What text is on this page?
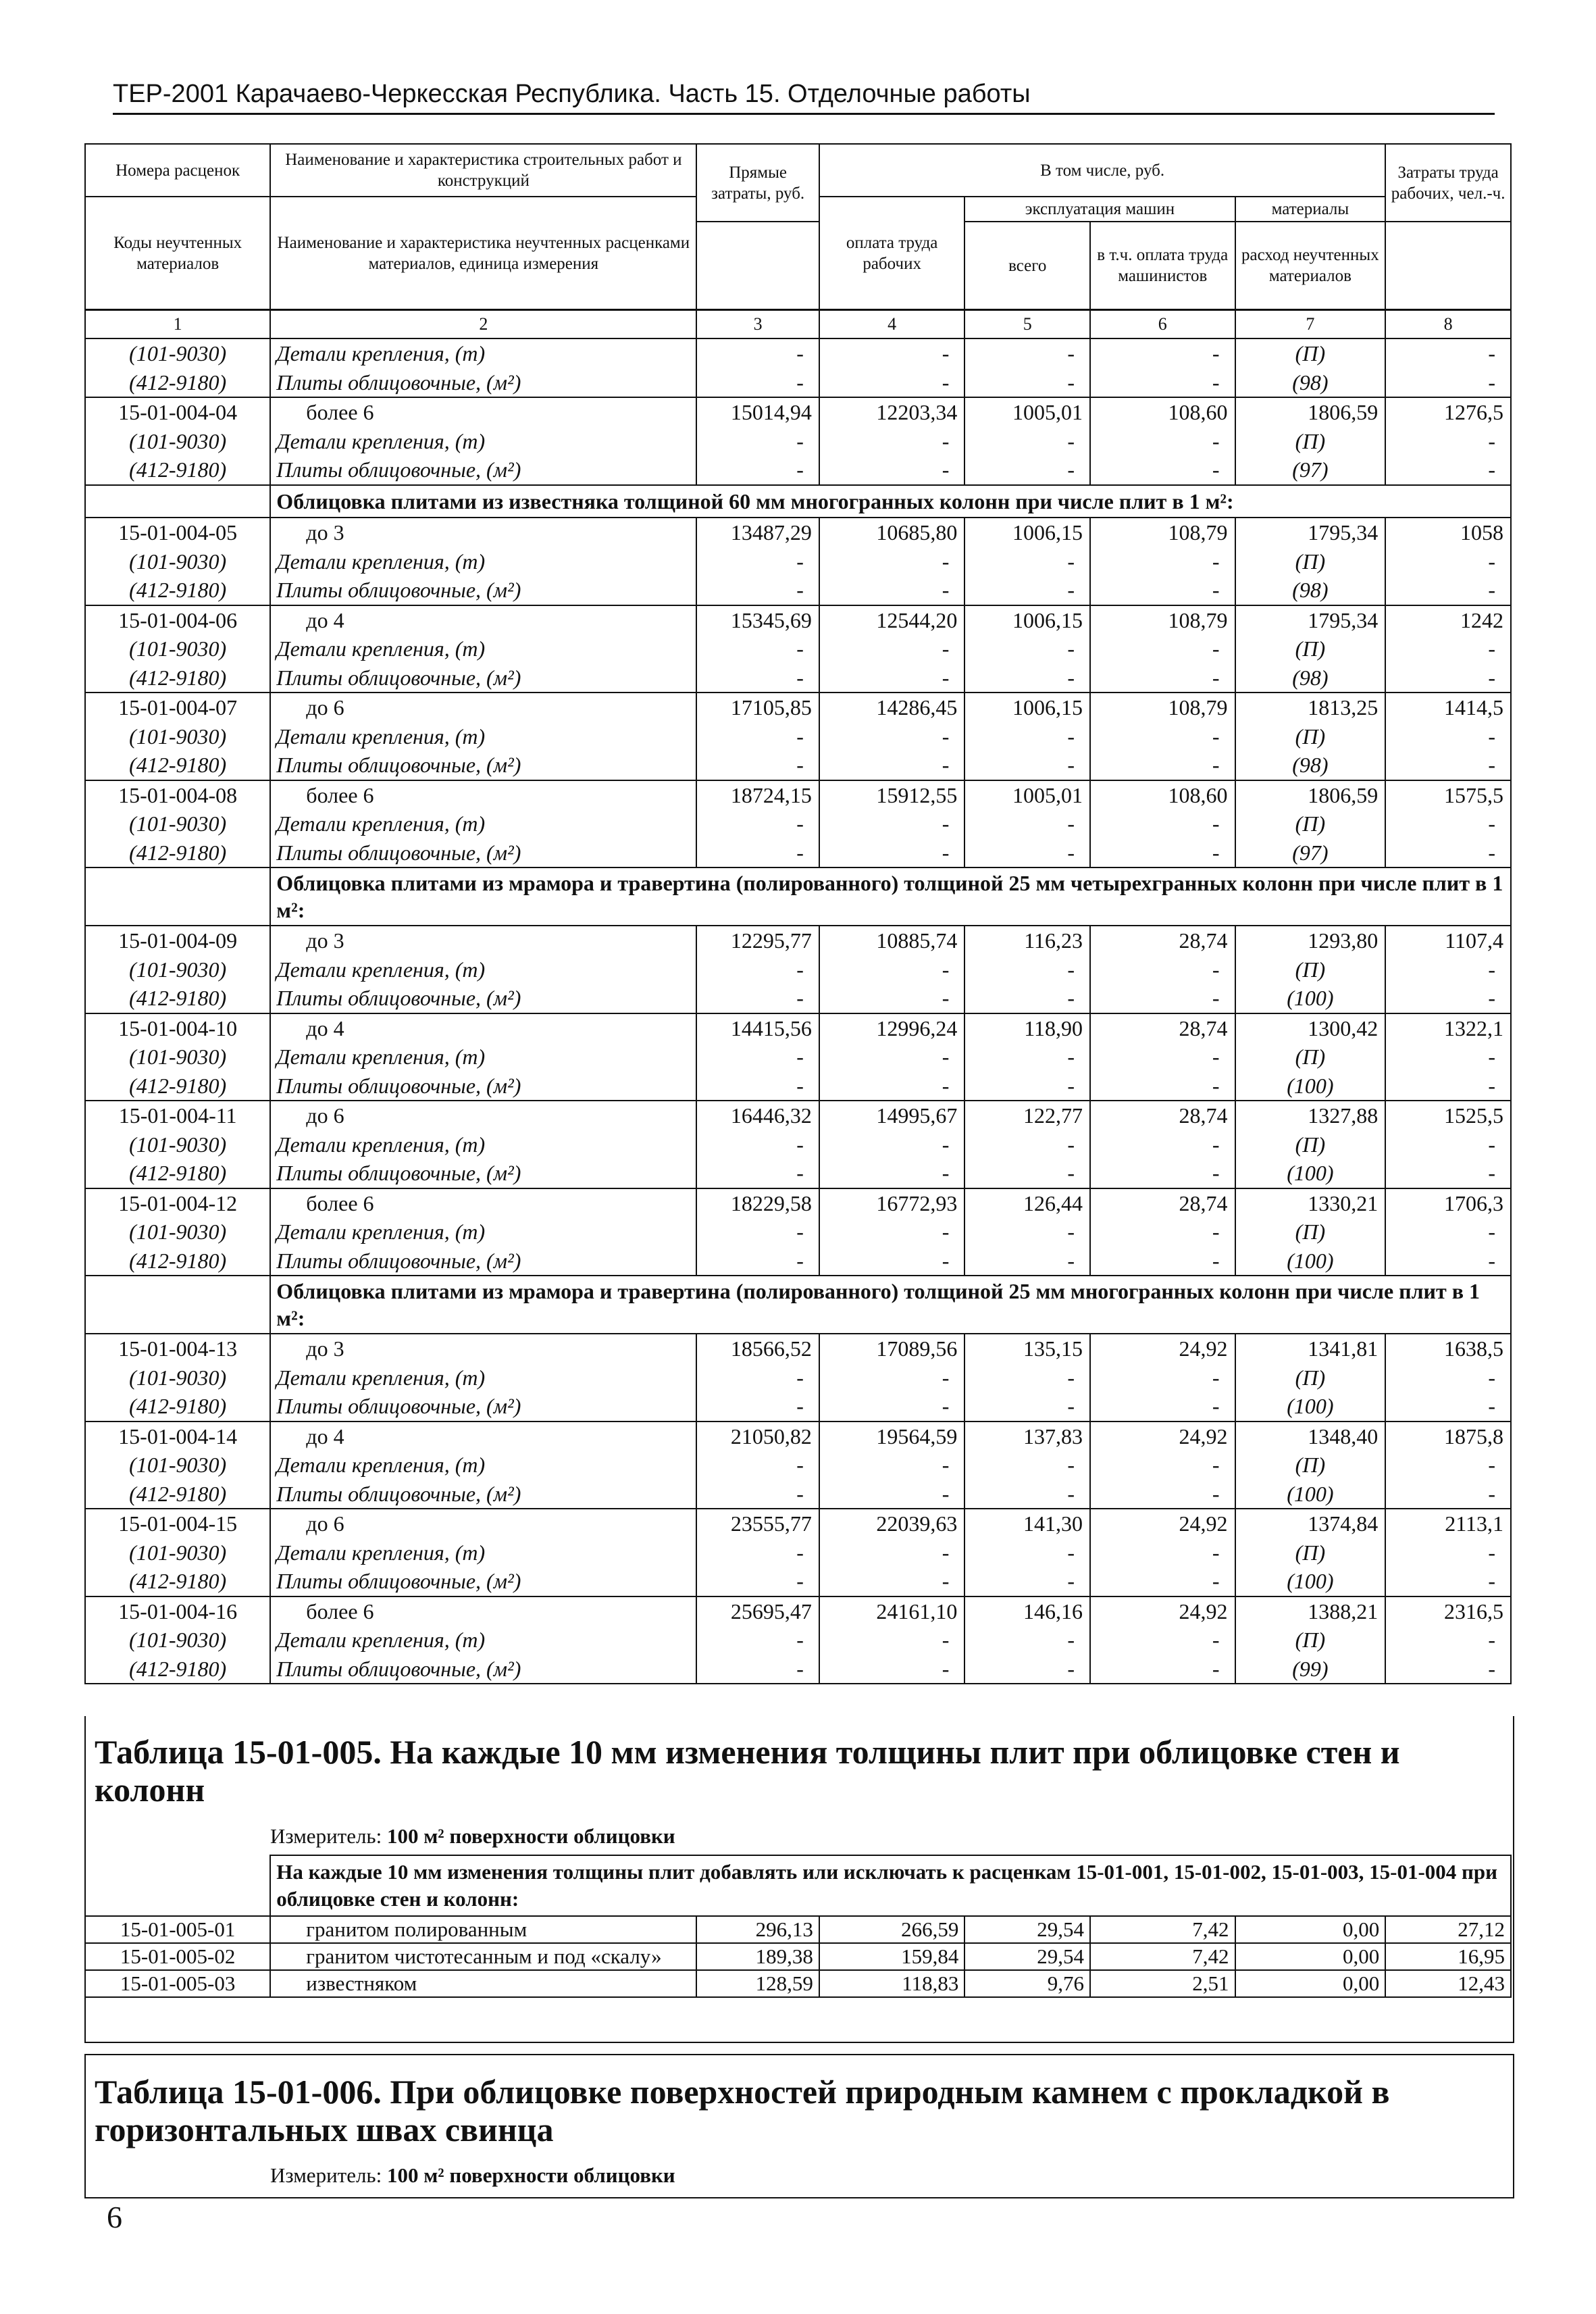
ТЕР-2001 Карачаево-Черкесская Республика. Часть 15. Отделочные работы
Номера расценок	Наименование и характеристика строительных работ и конструкций	Прямые затраты, руб.	В том числе, руб.				Затраты труда рабочих, чел.-ч.
Коды неучтенных материалов	Наименование и характеристика неучтенных расценками материалов, единица измерения		оплата труда рабочих	эксплуатация машин		материалы	
				всего	в т.ч. оплата труда машинистов	расход неучтенных материалов	
1	2	3	4	5	6	7	8
(101-9030)	Детали крепления, (т)	-	-	-	-	(П)	-
(412-9180)	Плиты облицовочные, (м²)	-	-	-	-	(98)	-
15-01-004-04	более 6	15014,94	12203,34	1005,01	108,60	1806,59	1276,5
(101-9030)	Детали крепления, (т)	-	-	-	-	(П)	-
(412-9180)	Плиты облицовочные, (м²)	-	-	-	-	(97)	-
	Облицовка плитами из известняка толщиной 60 мм многогранных колонн при числе плит в 1 м²:						
15-01-004-05	до 3	13487,29	10685,80	1006,15	108,79	1795,34	1058
(101-9030)	Детали крепления, (т)	-	-	-	-	(П)	-
(412-9180)	Плиты облицовочные, (м²)	-	-	-	-	(98)	-
15-01-004-06	до 4	15345,69	12544,20	1006,15	108,79	1795,34	1242
(101-9030)	Детали крепления, (т)	-	-	-	-	(П)	-
(412-9180)	Плиты облицовочные, (м²)	-	-	-	-	(98)	-
15-01-004-07	до 6	17105,85	14286,45	1006,15	108,79	1813,25	1414,5
(101-9030)	Детали крепления, (т)	-	-	-	-	(П)	-
(412-9180)	Плиты облицовочные, (м²)	-	-	-	-	(98)	-
15-01-004-08	более 6	18724,15	15912,55	1005,01	108,60	1806,59	1575,5
(101-9030)	Детали крепления, (т)	-	-	-	-	(П)	-
(412-9180)	Плиты облицовочные, (м²)	-	-	-	-	(97)	-
	Облицовка плитами из мрамора и травертина (полированного) толщиной 25 мм четырехгранных колонн при числе плит в 1 м²:						
15-01-004-09	до 3	12295,77	10885,74	116,23	28,74	1293,80	1107,4
(101-9030)	Детали крепления, (т)	-	-	-	-	(П)	-
(412-9180)	Плиты облицовочные, (м²)	-	-	-	-	(100)	-
15-01-004-10	до 4	14415,56	12996,24	118,90	28,74	1300,42	1322,1
(101-9030)	Детали крепления, (т)	-	-	-	-	(П)	-
(412-9180)	Плиты облицовочные, (м²)	-	-	-	-	(100)	-
15-01-004-11	до 6	16446,32	14995,67	122,77	28,74	1327,88	1525,5
(101-9030)	Детали крепления, (т)	-	-	-	-	(П)	-
(412-9180)	Плиты облицовочные, (м²)	-	-	-	-	(100)	-
15-01-004-12	более 6	18229,58	16772,93	126,44	28,74	1330,21	1706,3
(101-9030)	Детали крепления, (т)	-	-	-	-	(П)	-
(412-9180)	Плиты облицовочные, (м²)	-	-	-	-	(100)	-
	Облицовка плитами из мрамора и травертина (полированного) толщиной 25 мм многогранных колонн при числе плит в 1 м²:						
15-01-004-13	до 3	18566,52	17089,56	135,15	24,92	1341,81	1638,5
(101-9030)	Детали крепления, (т)	-	-	-	-	(П)	-
(412-9180)	Плиты облицовочные, (м²)	-	-	-	-	(100)	-
15-01-004-14	до 4	21050,82	19564,59	137,83	24,92	1348,40	1875,8
(101-9030)	Детали крепления, (т)	-	-	-	-	(П)	-
(412-9180)	Плиты облицовочные, (м²)	-	-	-	-	(100)	-
15-01-004-15	до 6	23555,77	22039,63	141,30	24,92	1374,84	2113,1
(101-9030)	Детали крепления, (т)	-	-	-	-	(П)	-
(412-9180)	Плиты облицовочные, (м²)	-	-	-	-	(100)	-
15-01-004-16	более 6	25695,47	24161,10	146,16	24,92	1388,21	2316,5
(101-9030)	Детали крепления, (т)	-	-	-	-	(П)	-
(412-9180)	Плиты облицовочные, (м²)	-	-	-	-	(99)	-
Таблица 15-01-005. На каждые 10 мм изменения толщины плит при облицовке стен и колонн
Измеритель: 100 м² поверхности облицовки
	На каждые 10 мм изменения толщины плит добавлять или исключать к расценкам 15-01-001, 15-01-002, 15-01-003, 15-01-004 при облицовке стен и колонн:						
15-01-005-01	гранитом полированным	296,13	266,59	29,54	7,42	0,00	27,12
15-01-005-02	гранитом чистотесанным и под «скалу»	189,38	159,84	29,54	7,42	0,00	16,95
15-01-005-03	известняком	128,59	118,83	9,76	2,51	0,00	12,43
Таблица 15-01-006. При облицовке поверхностей природным камнем с прокладкой в горизонтальных швах свинца
Измеритель: 100 м² поверхности облицовки
6
